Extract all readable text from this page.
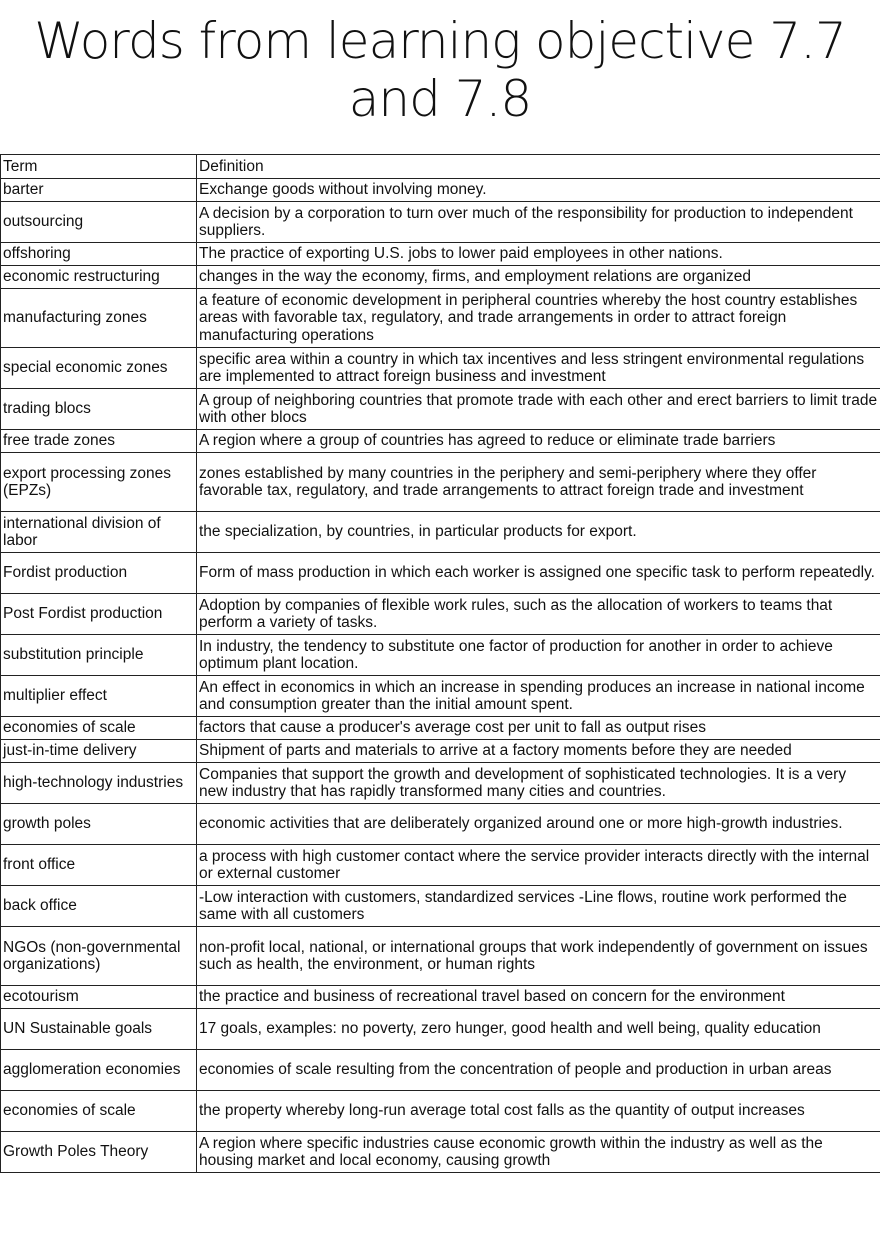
Words from learning objective 7.7 and 7.8
Term	Definition
barter	Exchange goods without involving money.
outsourcing	A decision by a corporation to turn over much of the responsibility for production to independent suppliers.
offshoring	The practice of exporting U.S. jobs to lower paid employees in other nations.
economic restructuring	changes in the way the economy, firms, and employment relations are organized
manufacturing zones	a feature of economic development in peripheral countries whereby the host country establishes areas with favorable tax, regulatory, and trade arrangements in order to attract foreign manufacturing operations
special economic zones	specific area within a country in which tax incentives and less stringent environmental regulations are implemented to attract foreign business and investment
trading blocs	A group of neighboring countries that promote trade with each other and erect barriers to limit trade with other blocs
free trade zones	A region where a group of countries has agreed to reduce or eliminate trade barriers
export processing zones (EPZs)	zones established by many countries in the periphery and semi-periphery where they offer favorable tax, regulatory, and trade arrangements to attract foreign trade and investment
international division of labor	the specialization, by countries, in particular products for export.
Fordist production	Form of mass production in which each worker is assigned one specific task to perform repeatedly.
Post Fordist production	Adoption by companies of flexible work rules, such as the allocation of workers to teams that perform a variety of tasks.
substitution principle	In industry, the tendency to substitute one factor of production for another in order to achieve optimum plant location.
multiplier effect	An effect in economics in which an increase in spending produces an increase in national income and consumption greater than the initial amount spent.
economies of scale	factors that cause a producer's average cost per unit to fall as output rises
just-in-time delivery	Shipment of parts and materials to arrive at a factory moments before they are needed
high-technology industries	Companies that support the growth and development of sophisticated technologies. It is a very new industry that has rapidly transformed many cities and countries.
growth poles	economic activities that are deliberately organized around one or more high-growth industries.
front office	a process with high customer contact where the service provider interacts directly with the internal or external customer
back office	-Low interaction with customers, standardized services -Line flows, routine work performed the same with all customers
NGOs (non-governmental organizations)	non-profit local, national, or international groups that work independently of government on issues such as health, the environment, or human rights
ecotourism	the practice and business of recreational travel based on concern for the environment
UN Sustainable goals	17 goals, examples: no poverty, zero hunger, good health and well being, quality education
agglomeration economies	economies of scale resulting from the concentration of people and production in urban areas
economies of scale	the property whereby long-run average total cost falls as the quantity of output increases
Growth Poles Theory	A region where specific industries cause economic growth within the industry as well as the housing market and local economy, causing growth
